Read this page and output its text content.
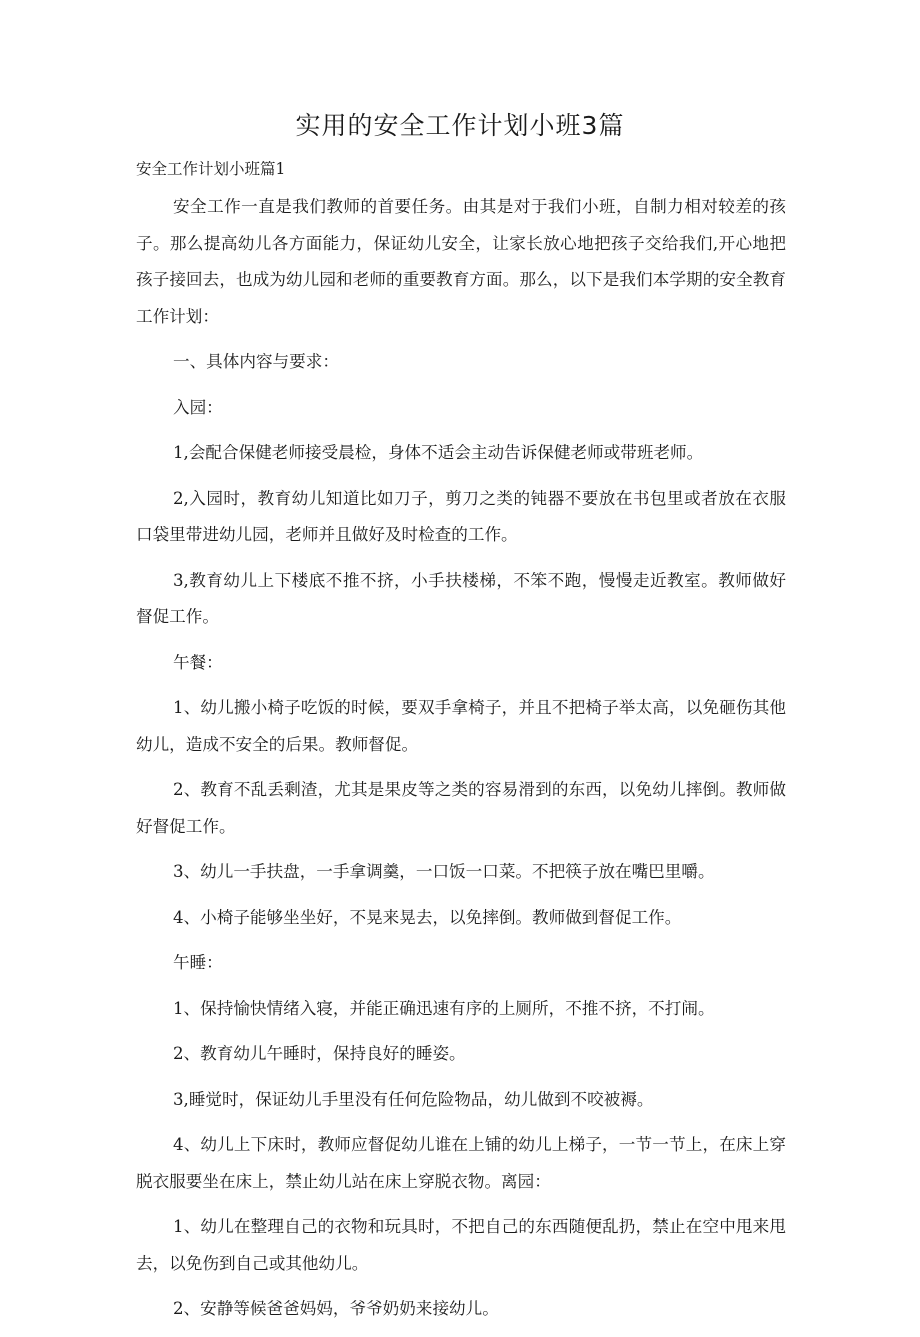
实用的安全工作计划小班3篇

安全工作计划小班篇1

安全工作一直是我们教师的首要任务。由其是对于我们小班，自制力相对较差的孩子。那么提高幼儿各方面能力，保证幼儿安全，让家长放心地把孩子交给我们,开心地把孩子接回去，也成为幼儿园和老师的重要教育方面。那么，以下是我们本学期的安全教育工作计划：

一、具体内容与要求：

入园：

1,会配合保健老师接受晨检，身体不适会主动告诉保健老师或带班老师。

2,入园时，教育幼儿知道比如刀子，剪刀之类的钝器不要放在书包里或者放在衣服口袋里带进幼儿园，老师并且做好及时检查的工作。

3,教育幼儿上下楼底不推不挤，小手扶楼梯，不笨不跑，慢慢走近教室。教师做好督促工作。

午餐：

1、幼儿搬小椅子吃饭的时候，要双手拿椅子，并且不把椅子举太高，以免砸伤其他幼儿，造成不安全的后果。教师督促。

2、教育不乱丢剩渣，尤其是果皮等之类的容易滑到的东西，以免幼儿摔倒。教师做好督促工作。

3、幼儿一手扶盘，一手拿调羹，一口饭一口菜。不把筷子放在嘴巴里嚼。

4、小椅子能够坐坐好，不晃来晃去，以免摔倒。教师做到督促工作。

午睡：

1、保持愉快情绪入寝，并能正确迅速有序的上厕所，不推不挤，不打闹。

2、教育幼儿午睡时，保持良好的睡姿。

3,睡觉时，保证幼儿手里没有任何危险物品，幼儿做到不咬被褥。

4、幼儿上下床时，教师应督促幼儿谁在上铺的幼儿上梯子，一节一节上，在床上穿脱衣服要坐在床上，禁止幼儿站在床上穿脱衣物。离园：

1、幼儿在整理自己的衣物和玩具时，不把自己的东西随便乱扔，禁止在空中甩来甩去，以免伤到自己或其他幼儿。

2、安静等候爸爸妈妈，爷爷奶奶来接幼儿。
